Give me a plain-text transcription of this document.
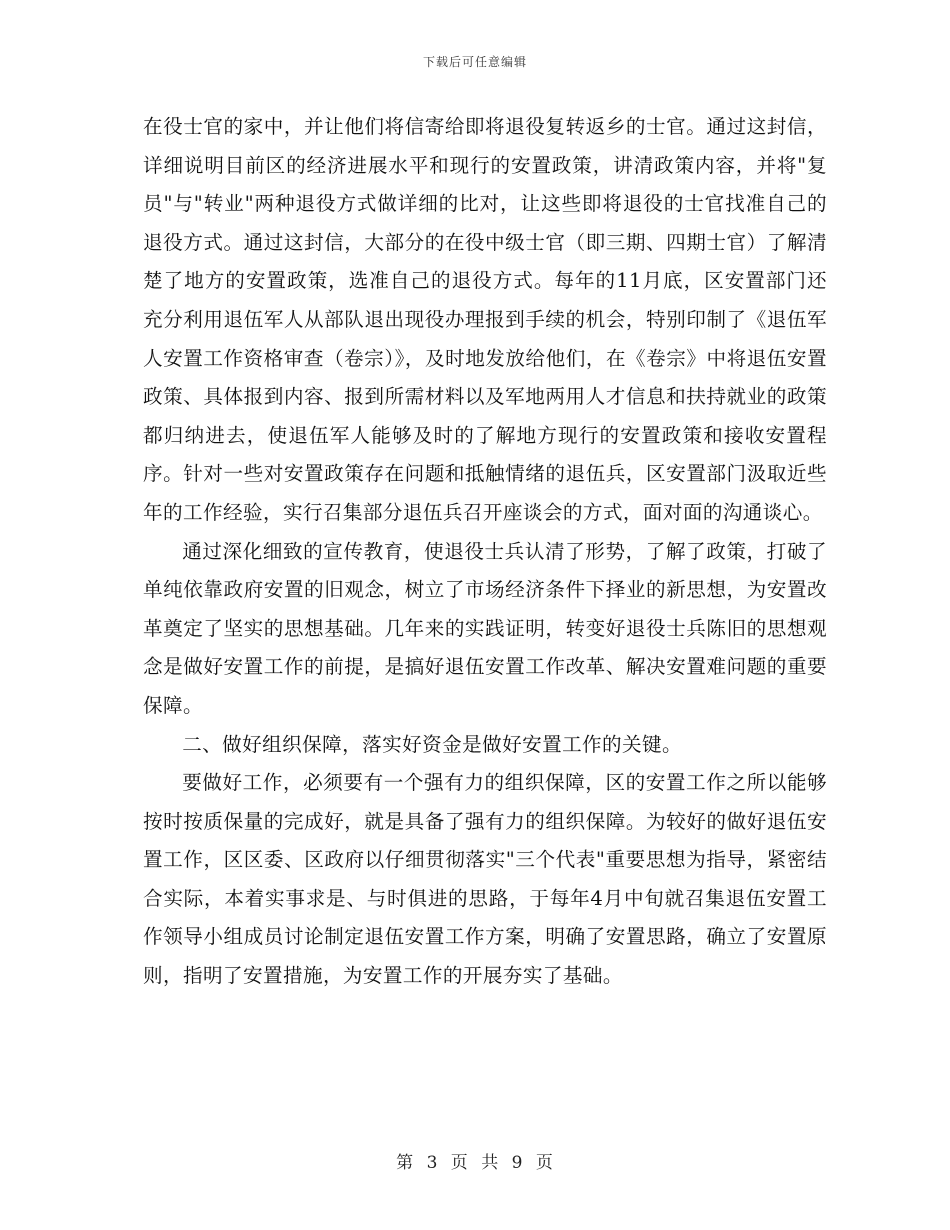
下载后可任意编辑

在役士官的家中，并让他们将信寄给即将退役复转返乡的士官。通过这封信，详细说明目前区的经济进展水平和现行的安置政策，讲清政策内容，并将"复员"与"转业"两种退役方式做详细的比对，让这些即将退役的士官找准自己的退役方式。通过这封信，大部分的在役中级士官（即三期、四期士官）了解清楚了地方的安置政策，选准自己的退役方式。每年的11月底，区安置部门还充分利用退伍军人从部队退出现役办理报到手续的机会，特别印制了《退伍军人安置工作资格审查（卷宗）》，及时地发放给他们，在《卷宗》中将退伍安置政策、具体报到内容、报到所需材料以及军地两用人才信息和扶持就业的政策都归纳进去，使退伍军人能够及时的了解地方现行的安置政策和接收安置程序。针对一些对安置政策存在问题和抵触情绪的退伍兵，区安置部门汲取近些年的工作经验，实行召集部分退伍兵召开座谈会的方式，面对面的沟通谈心。

通过深化细致的宣传教育，使退役士兵认清了形势，了解了政策，打破了单纯依靠政府安置的旧观念，树立了市场经济条件下择业的新思想，为安置改革奠定了坚实的思想基础。几年来的实践证明，转变好退役士兵陈旧的思想观念是做好安置工作的前提，是搞好退伍安置工作改革、解决安置难问题的重要保障。

二、做好组织保障，落实好资金是做好安置工作的关键。

要做好工作，必须要有一个强有力的组织保障，区的安置工作之所以能够按时按质保量的完成好，就是具备了强有力的组织保障。为较好的做好退伍安置工作，区区委、区政府以仔细贯彻落实"三个代表"重要思想为指导，紧密结合实际，本着实事求是、与时俱进的思路，于每年4月中旬就召集退伍安置工作领导小组成员讨论制定退伍安置工作方案，明确了安置思路，确立了安置原则，指明了安置措施，为安置工作的开展夯实了基础。

第 3 页 共 9 页
